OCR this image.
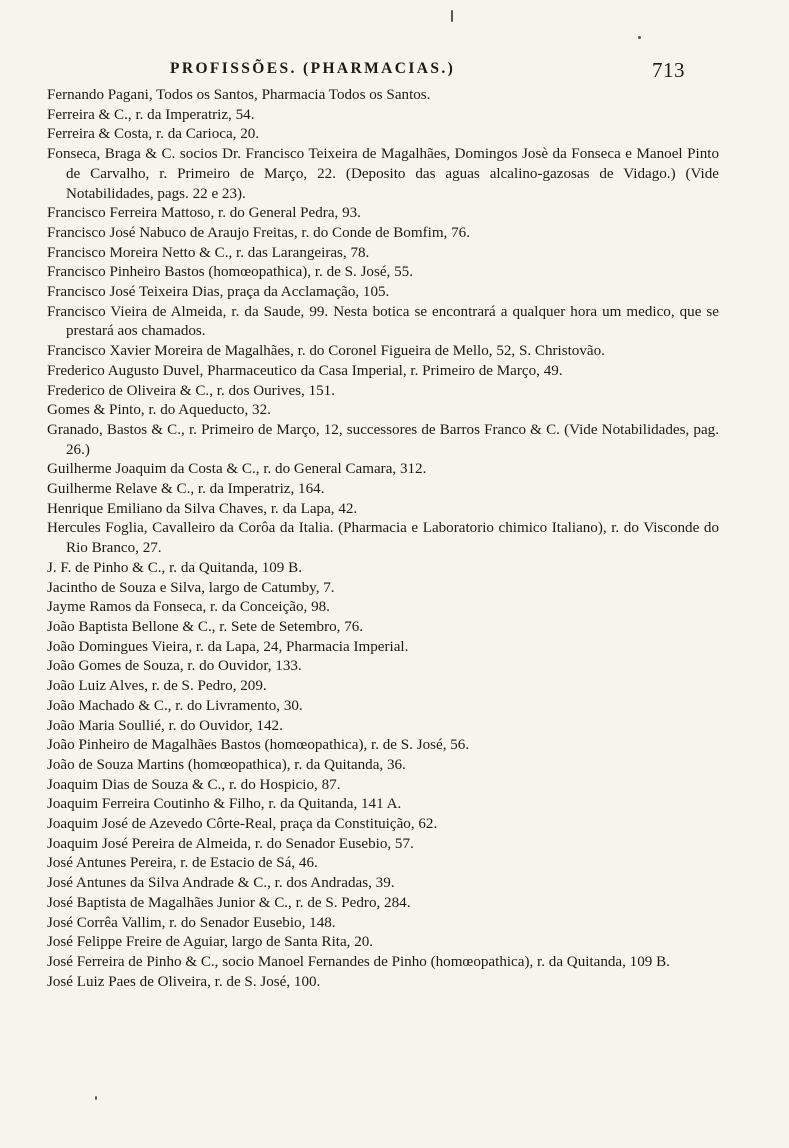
PROFISSÕES. (PHARMACIAS.)	713

Fernando Pagani, Todos os Santos, Pharmacia Todos os Santos.

Ferreira & C., r. da Imperatriz, 54.

Ferreira & Costa, r. da Carioca, 20.

Fonseca, Braga & C. socios Dr. Francisco Teixeira de Magalhães, Domingos Josè da Fonseca e Manoel Pinto de Carvalho, r. Primeiro de Março, 22. (Deposito das aguas alcalino-gazosas de Vidago.) (Vide Notabilidades, pags. 22 e 23).

Francisco Ferreira Mattoso, r. do General Pedra, 93.

Francisco José Nabuco de Araujo Freitas, r. do Conde de Bomfim, 76.

Francisco Moreira Netto & C., r. das Larangeiras, 78.

Francisco Pinheiro Bastos (homœopathica), r. de S. José, 55.

Francisco José Teixeira Dias, praça da Acclamação, 105.

Francisco Vieira de Almeida, r. da Saude, 99. Nesta botica se encontrará a qualquer hora um medico, que se prestará aos chamados.

Francisco Xavier Moreira de Magalhães, r. do Coronel Figueira de Mello, 52, S. Christovão.

Frederico Augusto Duvel, Pharmaceutico da Casa Imperial, r. Primeiro de Março, 49.

Frederico de Oliveira & C., r. dos Ourives, 151.

Gomes & Pinto, r. do Aqueducto, 32.

Granado, Bastos & C., r. Primeiro de Março, 12, successores de Barros Franco & C. (Vide Notabilidades, pag. 26.)

Guilherme Joaquim da Costa & C., r. do General Camara, 312.

Guilherme Relave & C., r. da Imperatriz, 164.

Henrique Emiliano da Silva Chaves, r. da Lapa, 42.

Hercules Foglia, Cavalleiro da Corôa da Italia. (Pharmacia e Laboratorio chimico Italiano), r. do Visconde do Rio Branco, 27.

J. F. de Pinho & C., r. da Quitanda, 109 B.

Jacintho de Souza e Silva, largo de Catumby, 7.

Jayme Ramos da Fonseca, r. da Conceição, 98.

João Baptista Bellone & C., r. Sete de Setembro, 76.

João Domingues Vieira, r. da Lapa, 24, Pharmacia Imperial.

João Gomes de Souza, r. do Ouvidor, 133.

João Luiz Alves, r. de S. Pedro, 209.

João Machado & C., r. do Livramento, 30.

João Maria Soullié, r. do Ouvidor, 142.

João Pinheiro de Magalhães Bastos (homœopathica), r. de S. José, 56.

João de Souza Martins (homœopathica), r. da Quitanda, 36.

Joaquim Dias de Souza & C., r. do Hospicio, 87.

Joaquim Ferreira Coutinho & Filho, r. da Quitanda, 141 A.

Joaquim José de Azevedo Côrte-Real, praça da Constituição, 62.

Joaquim José Pereira de Almeida, r. do Senador Eusebio, 57.

José Antunes Pereira, r. de Estacio de Sá, 46.

José Antunes da Silva Andrade & C., r. dos Andradas, 39.

José Baptista de Magalhães Junior & C., r. de S. Pedro, 284.

José Corrêa Vallim, r. do Senador Eusebio, 148.

José Felippe Freire de Aguiar, largo de Santa Rita, 20.

José Ferreira de Pinho & C., socio Manoel Fernandes de Pinho (homœopathica), r. da Quitanda, 109 B.

José Luiz Paes de Oliveira, r. de S. José, 100.
